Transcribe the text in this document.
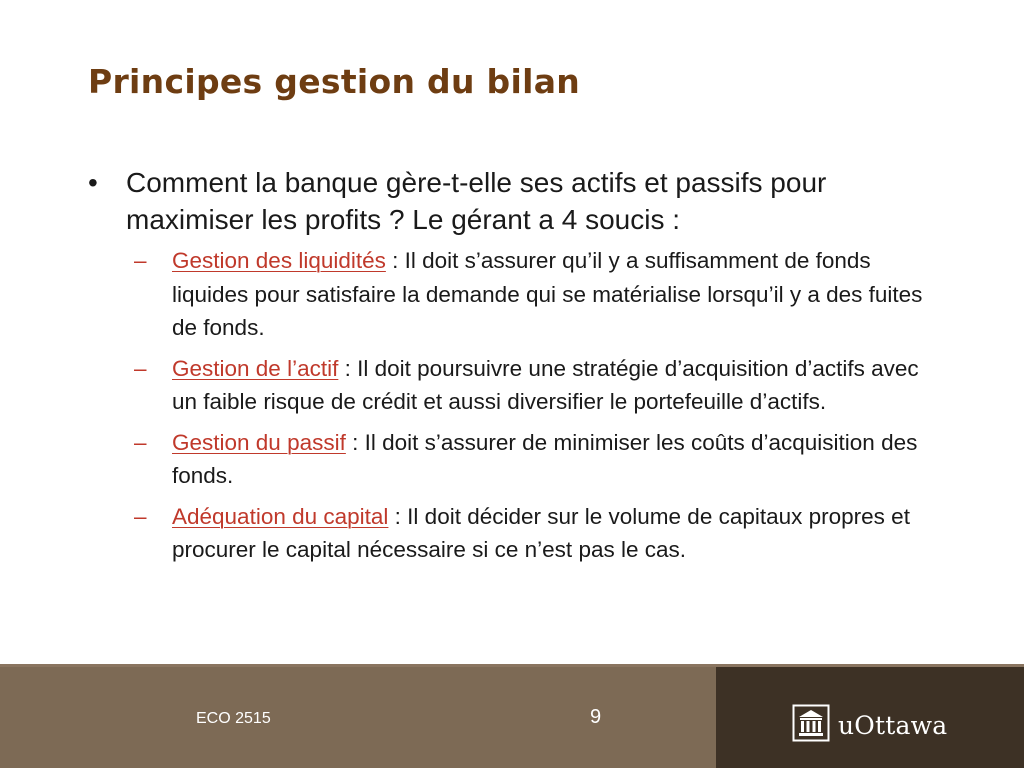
Principes gestion du bilan
• Comment la banque gère-t-elle ses actifs et passifs pour maximiser les profits ? Le gérant a 4 soucis :
– Gestion des liquidités : Il doit s’assurer qu’il y a suffisamment de fonds liquides pour satisfaire la demande qui se matérialise lorsqu’il y a des fuites de fonds.
– Gestion de l’actif : Il doit poursuivre une stratégie d’acquisition d’actifs avec un faible risque de crédit et aussi diversifier le portefeuille d’actifs.
– Gestion du passif : Il doit s’assurer de minimiser les coûts d’acquisition des fonds.
– Adéquation du capital : Il doit décider sur le volume de capitaux propres et procurer le capital nécessaire si ce n’est pas le cas.
ECO 2515	9	uOttawa
